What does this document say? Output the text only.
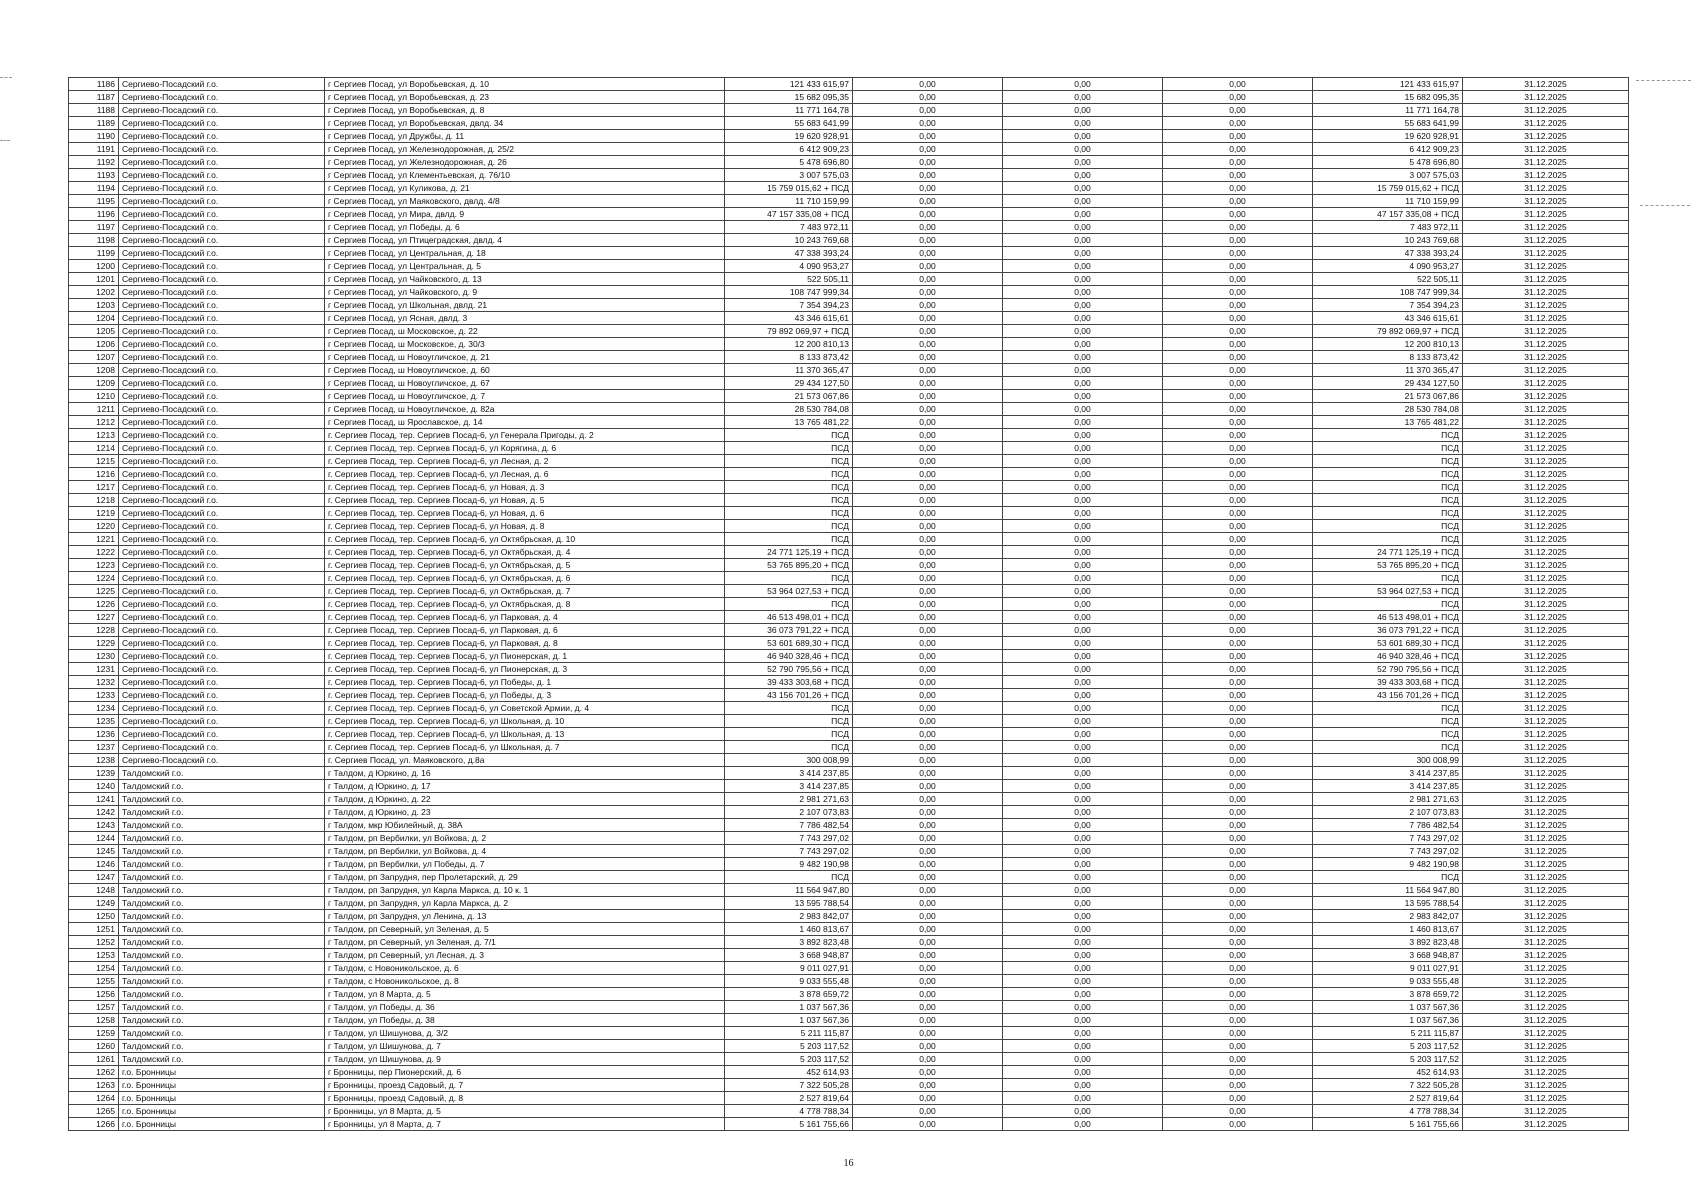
1186	Сергиево-Посадский г.о.	г Сергиев Посад, ул Воробьевская, д. 10	121 433 615,97	0,00	0,00	0,00	121 433 615,97	31.12.2025
1187	Сергиево-Посадский г.о.	г Сергиев Посад, ул Воробьевская, д. 23	15 682 095,35	0,00	0,00	0,00	15 682 095,35	31.12.2025
1188	Сергиево-Посадский г.о.	г Сергиев Посад, ул Воробьевская, д. 8	11 771 164,78	0,00	0,00	0,00	11 771 164,78	31.12.2025
1189	Сергиево-Посадский г.о.	г Сергиев Посад, ул Воробьевская, двлд. 34	55 683 641,99	0,00	0,00	0,00	55 683 641,99	31.12.2025
1190	Сергиево-Посадский г.о.	г Сергиев Посад, ул Дружбы, д. 11	19 620 928,91	0,00	0,00	0,00	19 620 928,91	31.12.2025
1191	Сергиево-Посадский г.о.	г Сергиев Посад, ул Железнодорожная, д. 25/2	6 412 909,23	0,00	0,00	0,00	6 412 909,23	31.12.2025
1192	Сергиево-Посадский г.о.	г Сергиев Посад, ул Железнодорожная, д. 26	5 478 696,80	0,00	0,00	0,00	5 478 696,80	31.12.2025
1193	Сергиево-Посадский г.о.	г Сергиев Посад, ул Клементьевская, д. 76/10	3 007 575,03	0,00	0,00	0,00	3 007 575,03	31.12.2025
1194	Сергиево-Посадский г.о.	г Сергиев Посад, ул Куликова, д. 21	15 759 015,62 + ПСД	0,00	0,00	0,00	15 759 015,62 + ПСД	31.12.2025
1195	Сергиево-Посадский г.о.	г Сергиев Посад, ул Маяковского, двлд. 4/8	11 710 159,99	0,00	0,00	0,00	11 710 159,99	31.12.2025
1196	Сергиево-Посадский г.о.	г Сергиев Посад, ул Мира, двлд. 9	47 157 335,08 + ПСД	0,00	0,00	0,00	47 157 335,08 + ПСД	31.12.2025
1197	Сергиево-Посадский г.о.	г Сергиев Посад, ул Победы, д. 6	7 483 972,11	0,00	0,00	0,00	7 483 972,11	31.12.2025
1198	Сергиево-Посадский г.о.	г Сергиев Посад, ул Птицеградская, двлд. 4	10 243 769,68	0,00	0,00	0,00	10 243 769,68	31.12.2025
1199	Сергиево-Посадский г.о.	г Сергиев Посад, ул Центральная, д. 18	47 338 393,24	0,00	0,00	0,00	47 338 393,24	31.12.2025
1200	Сергиево-Посадский г.о.	г Сергиев Посад, ул Центральная, д. 5	4 090 953,27	0,00	0,00	0,00	4 090 953,27	31.12.2025
1201	Сергиево-Посадский г.о.	г Сергиев Посад, ул Чайковского, д. 13	522 505,11	0,00	0,00	0,00	522 505,11	31.12.2025
1202	Сергиево-Посадский г.о.	г Сергиев Посад, ул Чайковского, д. 9	108 747 999,34	0,00	0,00	0,00	108 747 999,34	31.12.2025
1203	Сергиево-Посадский г.о.	г Сергиев Посад, ул Школьная, двлд. 21	7 354 394,23	0,00	0,00	0,00	7 354 394,23	31.12.2025
1204	Сергиево-Посадский г.о.	г Сергиев Посад, ул Ясная, двлд. 3	43 346 615,61	0,00	0,00	0,00	43 346 615,61	31.12.2025
1205	Сергиево-Посадский г.о.	г Сергиев Посад, ш Московское, д. 22	79 892 069,97 + ПСД	0,00	0,00	0,00	79 892 069,97 + ПСД	31.12.2025
1206	Сергиево-Посадский г.о.	г Сергиев Посад, ш Московское, д. 30/3	12 200 810,13	0,00	0,00	0,00	12 200 810,13	31.12.2025
1207	Сергиево-Посадский г.о.	г Сергиев Посад, ш Новоугличское, д. 21	8 133 873,42	0,00	0,00	0,00	8 133 873,42	31.12.2025
1208	Сергиево-Посадский г.о.	г Сергиев Посад, ш Новоугличское, д. 60	11 370 365,47	0,00	0,00	0,00	11 370 365,47	31.12.2025
1209	Сергиево-Посадский г.о.	г Сергиев Посад, ш Новоугличское, д. 67	29 434 127,50	0,00	0,00	0,00	29 434 127,50	31.12.2025
1210	Сергиево-Посадский г.о.	г Сергиев Посад, ш Новоугличское, д. 7	21 573 067,86	0,00	0,00	0,00	21 573 067,86	31.12.2025
1211	Сергиево-Посадский г.о.	г Сергиев Посад, ш Новоугличское, д. 82а	28 530 784,08	0,00	0,00	0,00	28 530 784,08	31.12.2025
1212	Сергиево-Посадский г.о.	г Сергиев Посад, ш Ярославское, д. 14	13 765 481,22	0,00	0,00	0,00	13 765 481,22	31.12.2025
1213	Сергиево-Посадский г.о.	г. Сергиев Посад, тер. Сергиев Посад-6, ул Генерала Пригоды, д. 2	ПСД	0,00	0,00	0,00	ПСД	31.12.2025
1214	Сергиево-Посадский г.о.	г. Сергиев Посад, тер. Сергиев Посад-6, ул Корягина, д. 6	ПСД	0,00	0,00	0,00	ПСД	31.12.2025
1215	Сергиево-Посадский г.о.	г. Сергиев Посад, тер. Сергиев Посад-6, ул Лесная, д. 2	ПСД	0,00	0,00	0,00	ПСД	31.12.2025
1216	Сергиево-Посадский г.о.	г. Сергиев Посад, тер. Сергиев Посад-6, ул Лесная, д. 6	ПСД	0,00	0,00	0,00	ПСД	31.12.2025
1217	Сергиево-Посадский г.о.	г. Сергиев Посад, тер. Сергиев Посад-6, ул Новая, д. 3	ПСД	0,00	0,00	0,00	ПСД	31.12.2025
1218	Сергиево-Посадский г.о.	г. Сергиев Посад, тер. Сергиев Посад-6, ул Новая, д. 5	ПСД	0,00	0,00	0,00	ПСД	31.12.2025
1219	Сергиево-Посадский г.о.	г. Сергиев Посад, тер. Сергиев Посад-6, ул Новая, д. 6	ПСД	0,00	0,00	0,00	ПСД	31.12.2025
1220	Сергиево-Посадский г.о.	г. Сергиев Посад, тер. Сергиев Посад-6, ул Новая, д. 8	ПСД	0,00	0,00	0,00	ПСД	31.12.2025
1221	Сергиево-Посадский г.о.	г. Сергиев Посад, тер. Сергиев Посад-6, ул Октябрьская, д. 10	ПСД	0,00	0,00	0,00	ПСД	31.12.2025
1222	Сергиево-Посадский г.о.	г. Сергиев Посад, тер. Сергиев Посад-6, ул Октябрьская, д. 4	24 771 125,19 + ПСД	0,00	0,00	0,00	24 771 125,19 + ПСД	31.12.2025
1223	Сергиево-Посадский г.о.	г. Сергиев Посад, тер. Сергиев Посад-6, ул Октябрьская, д. 5	53 765 895,20 + ПСД	0,00	0,00	0,00	53 765 895,20 + ПСД	31.12.2025
1224	Сергиево-Посадский г.о.	г. Сергиев Посад, тер. Сергиев Посад-6, ул Октябрьская, д. 6	ПСД	0,00	0,00	0,00	ПСД	31.12.2025
1225	Сергиево-Посадский г.о.	г. Сергиев Посад, тер. Сергиев Посад-6, ул Октябрьская, д. 7	53 964 027,53 + ПСД	0,00	0,00	0,00	53 964 027,53 + ПСД	31.12.2025
1226	Сергиево-Посадский г.о.	г. Сергиев Посад, тер. Сергиев Посад-6, ул Октябрьская, д. 8	ПСД	0,00	0,00	0,00	ПСД	31.12.2025
1227	Сергиево-Посадский г.о.	г. Сергиев Посад, тер. Сергиев Посад-6, ул Парковая, д. 4	46 513 498,01 + ПСД	0,00	0,00	0,00	46 513 498,01 + ПСД	31.12.2025
1228	Сергиево-Посадский г.о.	г. Сергиев Посад, тер. Сергиев Посад-6, ул Парковая, д. 6	36 073 791,22 + ПСД	0,00	0,00	0,00	36 073 791,22 + ПСД	31.12.2025
1229	Сергиево-Посадский г.о.	г. Сергиев Посад, тер. Сергиев Посад-6, ул Парковая, д. 8	53 601 689,30 + ПСД	0,00	0,00	0,00	53 601 689,30 + ПСД	31.12.2025
1230	Сергиево-Посадский г.о.	г. Сергиев Посад, тер. Сергиев Посад-6, ул Пионерская, д. 1	46 940 328,46 + ПСД	0,00	0,00	0,00	46 940 328,46 + ПСД	31.12.2025
1231	Сергиево-Посадский г.о.	г. Сергиев Посад, тер. Сергиев Посад-6, ул Пионерская, д. 3	52 790 795,56 + ПСД	0,00	0,00	0,00	52 790 795,56 + ПСД	31.12.2025
1232	Сергиево-Посадский г.о.	г. Сергиев Посад, тер. Сергиев Посад-6, ул Победы, д. 1	39 433 303,68 + ПСД	0,00	0,00	0,00	39 433 303,68 + ПСД	31.12.2025
1233	Сергиево-Посадский г.о.	г. Сергиев Посад, тер. Сергиев Посад-6, ул Победы, д. 3	43 156 701,26 + ПСД	0,00	0,00	0,00	43 156 701,26 + ПСД	31.12.2025
1234	Сергиево-Посадский г.о.	г. Сергиев Посад, тер. Сергиев Посад-6, ул Советской Армии, д. 4	ПСД	0,00	0,00	0,00	ПСД	31.12.2025
1235	Сергиево-Посадский г.о.	г. Сергиев Посад, тер. Сергиев Посад-6, ул Школьная, д. 10	ПСД	0,00	0,00	0,00	ПСД	31.12.2025
1236	Сергиево-Посадский г.о.	г. Сергиев Посад, тер. Сергиев Посад-6, ул Школьная, д. 13	ПСД	0,00	0,00	0,00	ПСД	31.12.2025
1237	Сергиево-Посадский г.о.	г. Сергиев Посад, тер. Сергиев Посад-6, ул Школьная, д. 7	ПСД	0,00	0,00	0,00	ПСД	31.12.2025
1238	Сергиево-Посадский г.о.	г. Сергиев Посад, ул. Маяковского, д.8а	300 008,99	0,00	0,00	0,00	300 008,99	31.12.2025
1239	Талдомский г.о.	г Талдом, д Юркино, д. 16	3 414 237,85	0,00	0,00	0,00	3 414 237,85	31.12.2025
1240	Талдомский г.о.	г Талдом, д Юркино, д. 17	3 414 237,85	0,00	0,00	0,00	3 414 237,85	31.12.2025
1241	Талдомский г.о.	г Талдом, д Юркино, д. 22	2 981 271,63	0,00	0,00	0,00	2 981 271,63	31.12.2025
1242	Талдомский г.о.	г Талдом, д Юркино, д. 23	2 107 073,83	0,00	0,00	0,00	2 107 073,83	31.12.2025
1243	Талдомский г.о.	г Талдом, мкр Юбилейный, д. 38А	7 786 482,54	0,00	0,00	0,00	7 786 482,54	31.12.2025
1244	Талдомский г.о.	г Талдом, рп Вербилки, ул Войкова, д. 2	7 743 297,02	0,00	0,00	0,00	7 743 297,02	31.12.2025
1245	Талдомский г.о.	г Талдом, рп Вербилки, ул Войкова, д. 4	7 743 297,02	0,00	0,00	0,00	7 743 297,02	31.12.2025
1246	Талдомский г.о.	г Талдом, рп Вербилки, ул Победы, д. 7	9 482 190,98	0,00	0,00	0,00	9 482 190,98	31.12.2025
1247	Талдомский г.о.	г Талдом, рп Запрудня, пер Пролетарский, д. 29	ПСД	0,00	0,00	0,00	ПСД	31.12.2025
1248	Талдомский г.о.	г Талдом, рп Запрудня, ул Карла Маркса, д. 10 к. 1	11 564 947,80	0,00	0,00	0,00	11 564 947,80	31.12.2025
1249	Талдомский г.о.	г Талдом, рп Запрудня, ул Карла Маркса, д. 2	13 595 788,54	0,00	0,00	0,00	13 595 788,54	31.12.2025
1250	Талдомский г.о.	г Талдом, рп Запрудня, ул Ленина, д. 13	2 983 842,07	0,00	0,00	0,00	2 983 842,07	31.12.2025
1251	Талдомский г.о.	г Талдом, рп Северный, ул Зеленая, д. 5	1 460 813,67	0,00	0,00	0,00	1 460 813,67	31.12.2025
1252	Талдомский г.о.	г Талдом, рп Северный, ул Зеленая, д. 7/1	3 892 823,48	0,00	0,00	0,00	3 892 823,48	31.12.2025
1253	Талдомский г.о.	г Талдом, рп Северный, ул Лесная, д. 3	3 668 948,87	0,00	0,00	0,00	3 668 948,87	31.12.2025
1254	Талдомский г.о.	г Талдом, с Новоникольское, д. 6	9 011 027,91	0,00	0,00	0,00	9 011 027,91	31.12.2025
1255	Талдомский г.о.	г Талдом, с Новоникольское, д. 8	9 033 555,48	0,00	0,00	0,00	9 033 555,48	31.12.2025
1256	Талдомский г.о.	г Талдом, ул 8 Марта, д. 5	3 878 659,72	0,00	0,00	0,00	3 878 659,72	31.12.2025
1257	Талдомский г.о.	г Талдом, ул Победы, д. 36	1 037 567,36	0,00	0,00	0,00	1 037 567,36	31.12.2025
1258	Талдомский г.о.	г Талдом, ул Победы, д. 38	1 037 567,36	0,00	0,00	0,00	1 037 567,36	31.12.2025
1259	Талдомский г.о.	г Талдом, ул Шишунова, д. 3/2	5 211 115,87	0,00	0,00	0,00	5 211 115,87	31.12.2025
1260	Талдомский г.о.	г Талдом, ул Шишунова, д. 7	5 203 117,52	0,00	0,00	0,00	5 203 117,52	31.12.2025
1261	Талдомский г.о.	г Талдом, ул Шишунова, д. 9	5 203 117,52	0,00	0,00	0,00	5 203 117,52	31.12.2025
1262	г.о. Бронницы	г Бронницы, пер Пионерский, д. 6	452 614,93	0,00	0,00	0,00	452 614,93	31.12.2025
1263	г.о. Бронницы	г Бронницы, проезд Садовый, д. 7	7 322 505,28	0,00	0,00	0,00	7 322 505,28	31.12.2025
1264	г.о. Бронницы	г Бронницы, проезд Садовый, д. 8	2 527 819,64	0,00	0,00	0,00	2 527 819,64	31.12.2025
1265	г.о. Бронницы	г Бронницы, ул 8 Марта, д. 5	4 778 788,34	0,00	0,00	0,00	4 778 788,34	31.12.2025
1266	г.о. Бронницы	г Бронницы, ул 8 Марта, д. 7	5 161 755,66	0,00	0,00	0,00	5 161 755,66	31.12.2025
16
